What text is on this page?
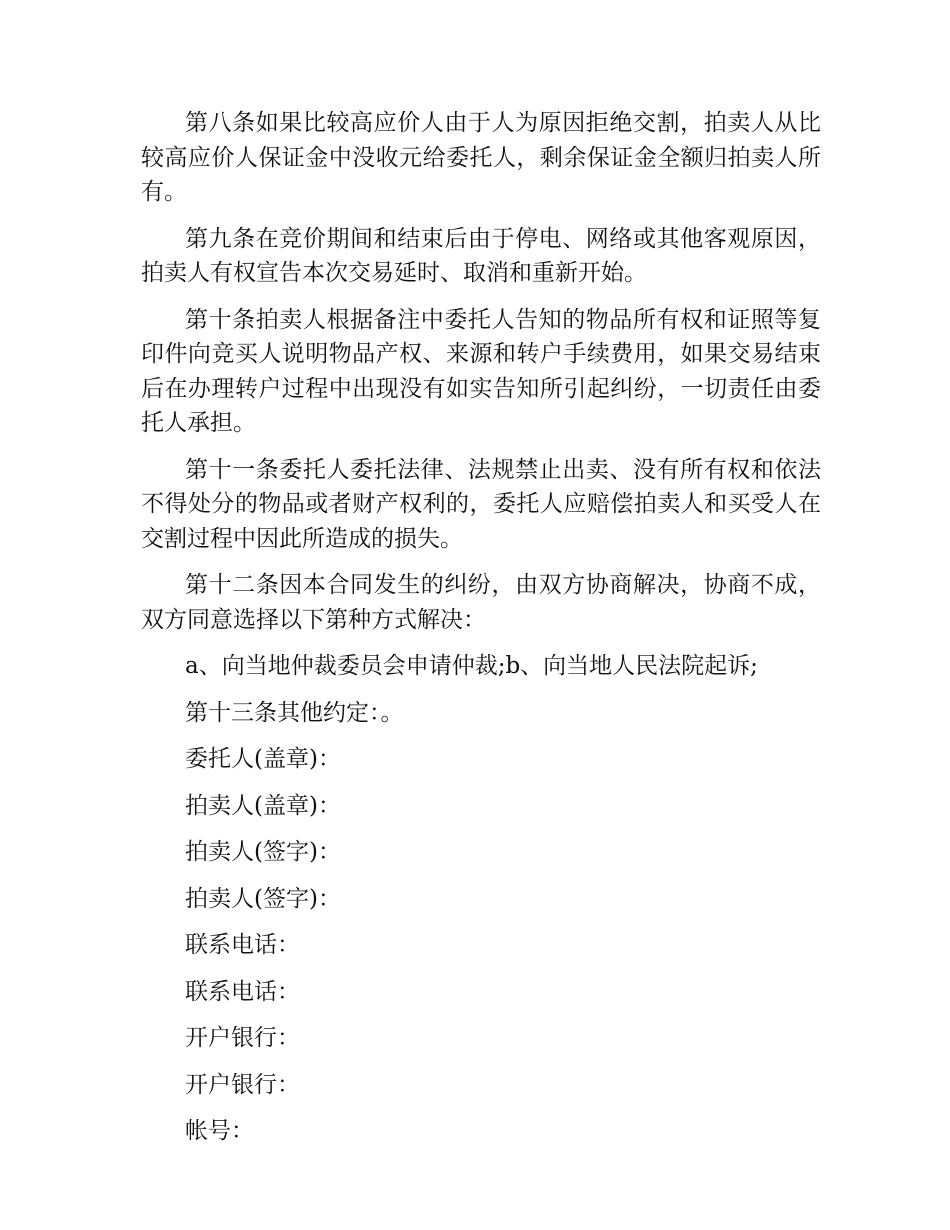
第八条如果比较高应价人由于人为原因拒绝交割，拍卖人从比较高应价人保证金中没收元给委托人，剩余保证金全额归拍卖人所有。

第九条在竞价期间和结束后由于停电、网络或其他客观原因，拍卖人有权宣告本次交易延时、取消和重新开始。

第十条拍卖人根据备注中委托人告知的物品所有权和证照等复印件向竞买人说明物品产权、来源和转户手续费用，如果交易结束后在办理转户过程中出现没有如实告知所引起纠纷，一切责任由委托人承担。

第十一条委托人委托法律、法规禁止出卖、没有所有权和依法不得处分的物品或者财产权利的，委托人应赔偿拍卖人和买受人在交割过程中因此所造成的损失。

第十二条因本合同发生的纠纷，由双方协商解决，协商不成，双方同意选择以下第种方式解决：

a、向当地仲裁委员会申请仲裁;b、向当地人民法院起诉;

第十三条其他约定：。

委托人(盖章)：

拍卖人(盖章)：

拍卖人(签字)：

拍卖人(签字)：

联系电话：

联系电话：

开户银行：

开户银行：

帐号：
